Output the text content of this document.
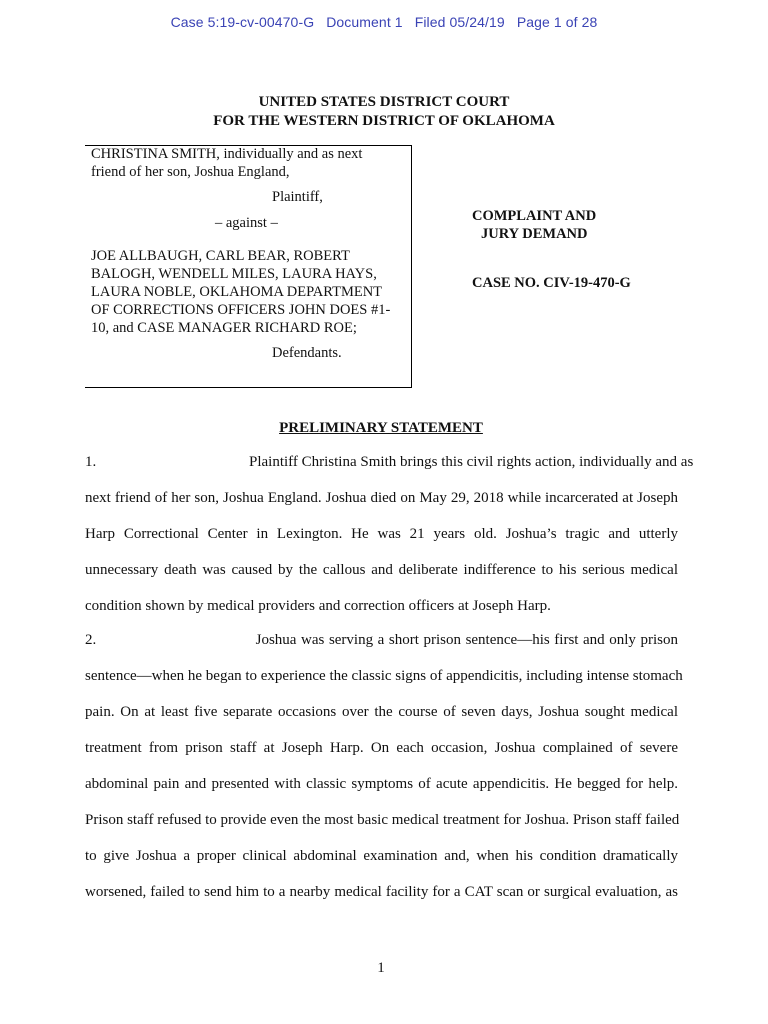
Case 5:19-cv-00470-G Document 1 Filed 05/24/19 Page 1 of 28
UNITED STATES DISTRICT COURT
FOR THE WESTERN DISTRICT OF OKLAHOMA
CHRISTINA SMITH, individually and as next
friend of her son, Joshua England,
Plaintiff,
– against –
JOE ALLBAUGH, CARL BEAR, ROBERT
BALOGH, WENDELL MILES, LAURA HAYS,
LAURA NOBLE, OKLAHOMA DEPARTMENT
OF CORRECTIONS OFFICERS JOHN DOES #1-
10, and CASE MANAGER RICHARD ROE;
Defendants.
COMPLAINT AND
JURY DEMAND
CASE NO. CIV-19-470-G
PRELIMINARY STATEMENT
1.	Plaintiff Christina Smith brings this civil rights action, individually and as
next friend of her son, Joshua England. Joshua died on May 29, 2018 while incarcerated at Joseph
Harp Correctional Center in Lexington. He was 21 years old. Joshua’s tragic and utterly
unnecessary death was caused by the callous and deliberate indifference to his serious medical
condition shown by medical providers and correction officers at Joseph Harp.
2.	Joshua was serving a short prison sentence—his first and only prison
sentence—when he began to experience the classic signs of appendicitis, including intense stomach
pain. On at least five separate occasions over the course of seven days, Joshua sought medical
treatment from prison staff at Joseph Harp. On each occasion, Joshua complained of severe
abdominal pain and presented with classic symptoms of acute appendicitis. He begged for help.
Prison staff refused to provide even the most basic medical treatment for Joshua. Prison staff failed
to give Joshua a proper clinical abdominal examination and, when his condition dramatically
worsened, failed to send him to a nearby medical facility for a CAT scan or surgical evaluation, as
1
